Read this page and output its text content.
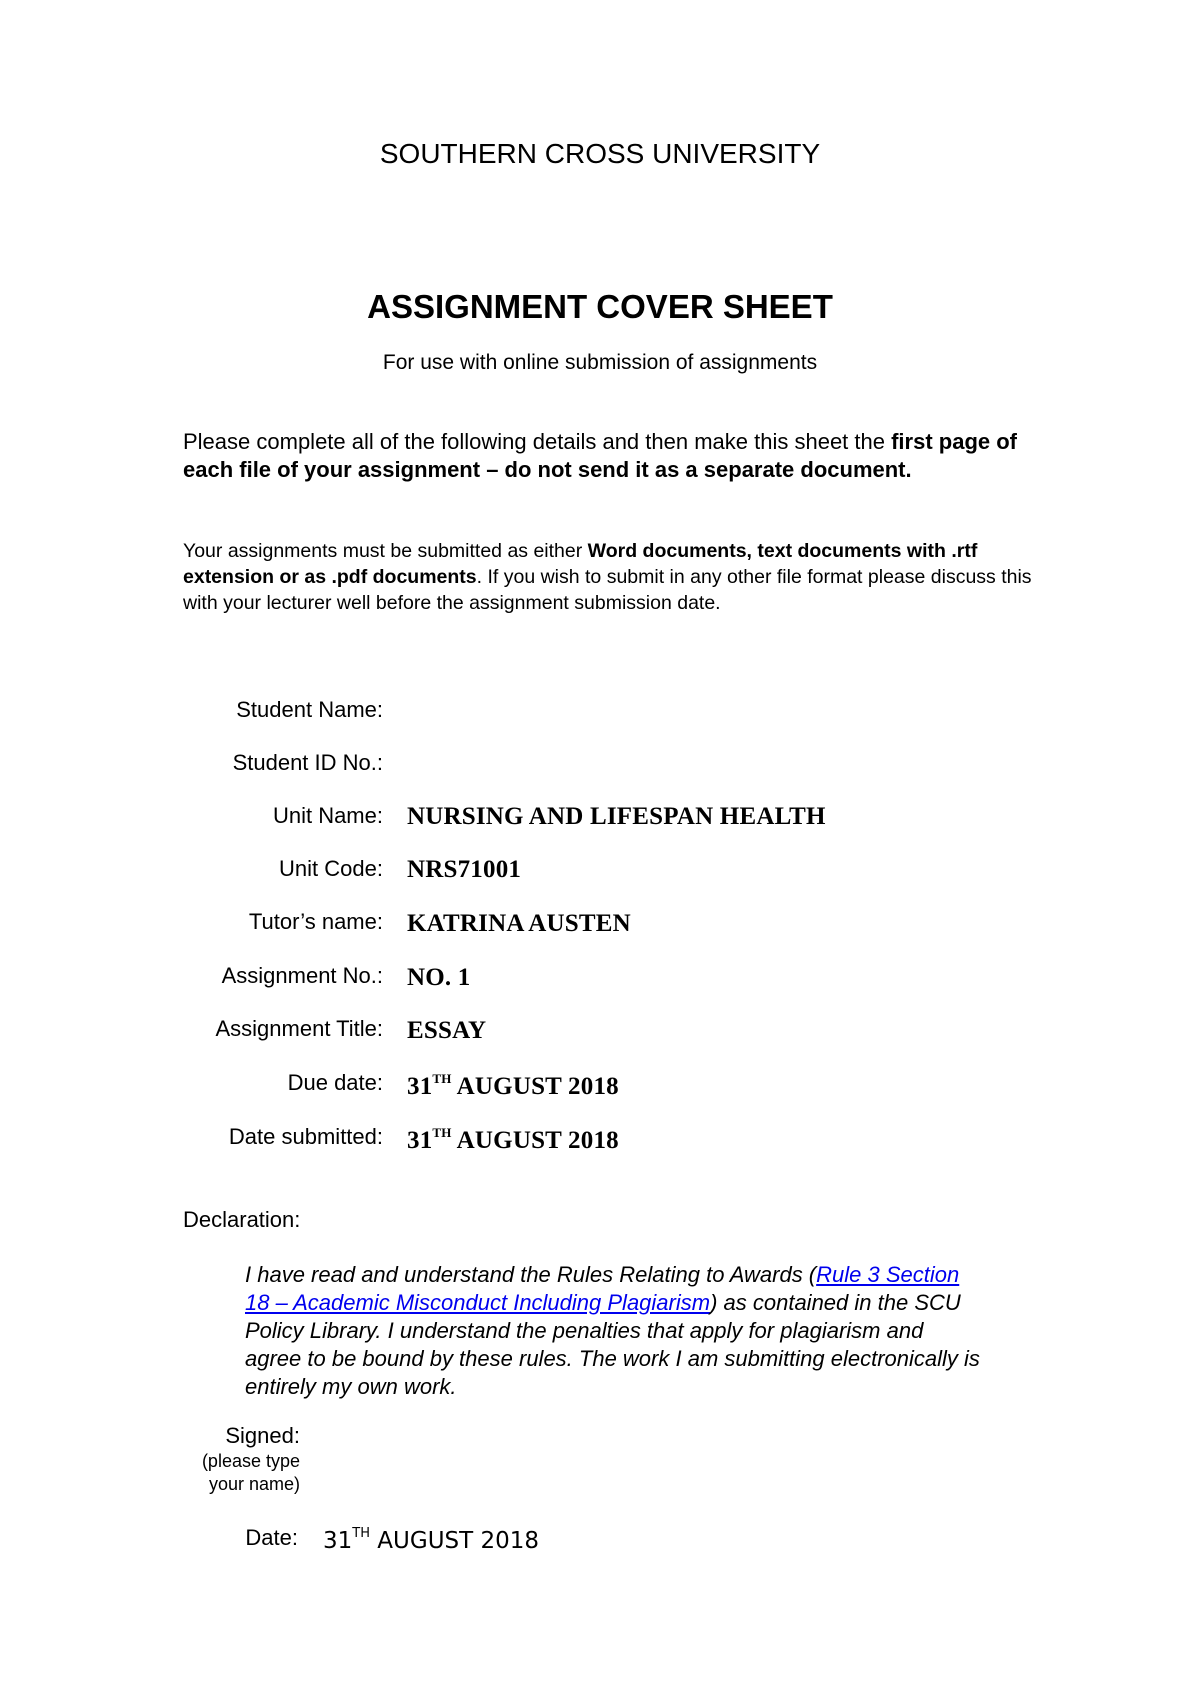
SOUTHERN CROSS UNIVERSITY
ASSIGNMENT COVER SHEET
For use with online submission of assignments
Please complete all of the following details and then make this sheet the first page of each file of your assignment – do not send it as a separate document.
Your assignments must be submitted as either Word documents, text documents with .rtf extension or as .pdf documents. If you wish to submit in any other file format please discuss this with your lecturer well before the assignment submission date.
Student Name:
Student ID No.:
Unit Name: NURSING AND LIFESPAN HEALTH
Unit Code: NRS71001
Tutor’s name: KATRINA AUSTEN
Assignment No.: NO. 1
Assignment Title: ESSAY
Due date: 31TH AUGUST 2018
Date submitted: 31TH AUGUST 2018
Declaration:
I have read and understand the Rules Relating to Awards (Rule 3 Section 18 – Academic Misconduct Including Plagiarism) as contained in the SCU Policy Library. I understand the penalties that apply for plagiarism and agree to be bound by these rules. The work I am submitting electronically is entirely my own work.
Signed:
(please type
your name)
Date: 31TH AUGUST 2018
